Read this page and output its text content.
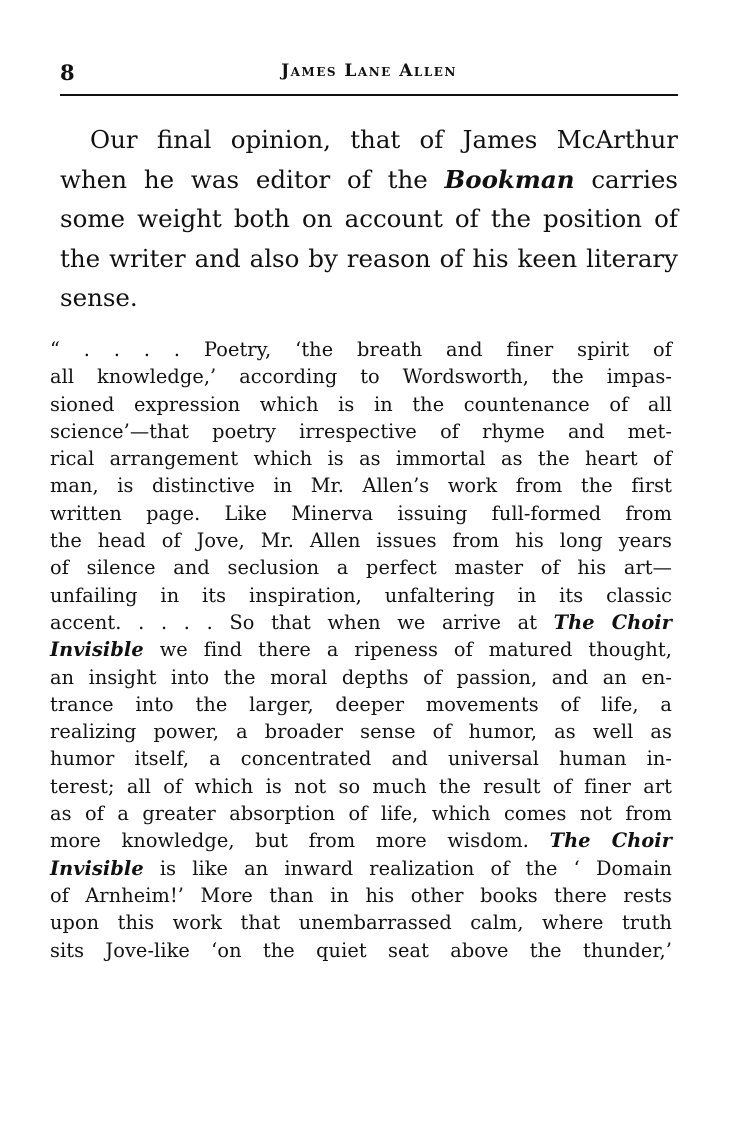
8	James Lane Allen

Our final opinion, that of James McArthur when he was editor of the Bookman carries some weight both on account of the position of the writer and also by reason of his keen literary sense.

“ . . . . Poetry, ‘the breath and finer spirit of
all knowledge,’ according to Wordsworth, the impas-
sioned expression which is in the countenance of all
science’—that poetry irrespective of rhyme and met-
rical arrangement which is as immortal as the heart of
man, is distinctive in Mr. Allen’s work from the first
written page. Like Minerva issuing full-formed from
the head of Jove, Mr. Allen issues from his long years
of silence and seclusion a perfect master of his art—
unfailing in its inspiration, unfaltering in its classic
accent. . . . . So that when we arrive at The Choir
Invisible we find there a ripeness of matured thought,
an insight into the moral depths of passion, and an en-
trance into the larger, deeper movements of life, a
realizing power, a broader sense of humor, as well as
humor itself, a concentrated and universal human in-
terest; all of which is not so much the result of finer art
as of a greater absorption of life, which comes not from
more knowledge, but from more wisdom. The Choir
Invisible is like an inward realization of the ‘ Domain
of Arnheim!’ More than in his other books there rests
upon this work that unembarrassed calm, where truth
sits Jove-like ‘on the quiet seat above the thunder,’
